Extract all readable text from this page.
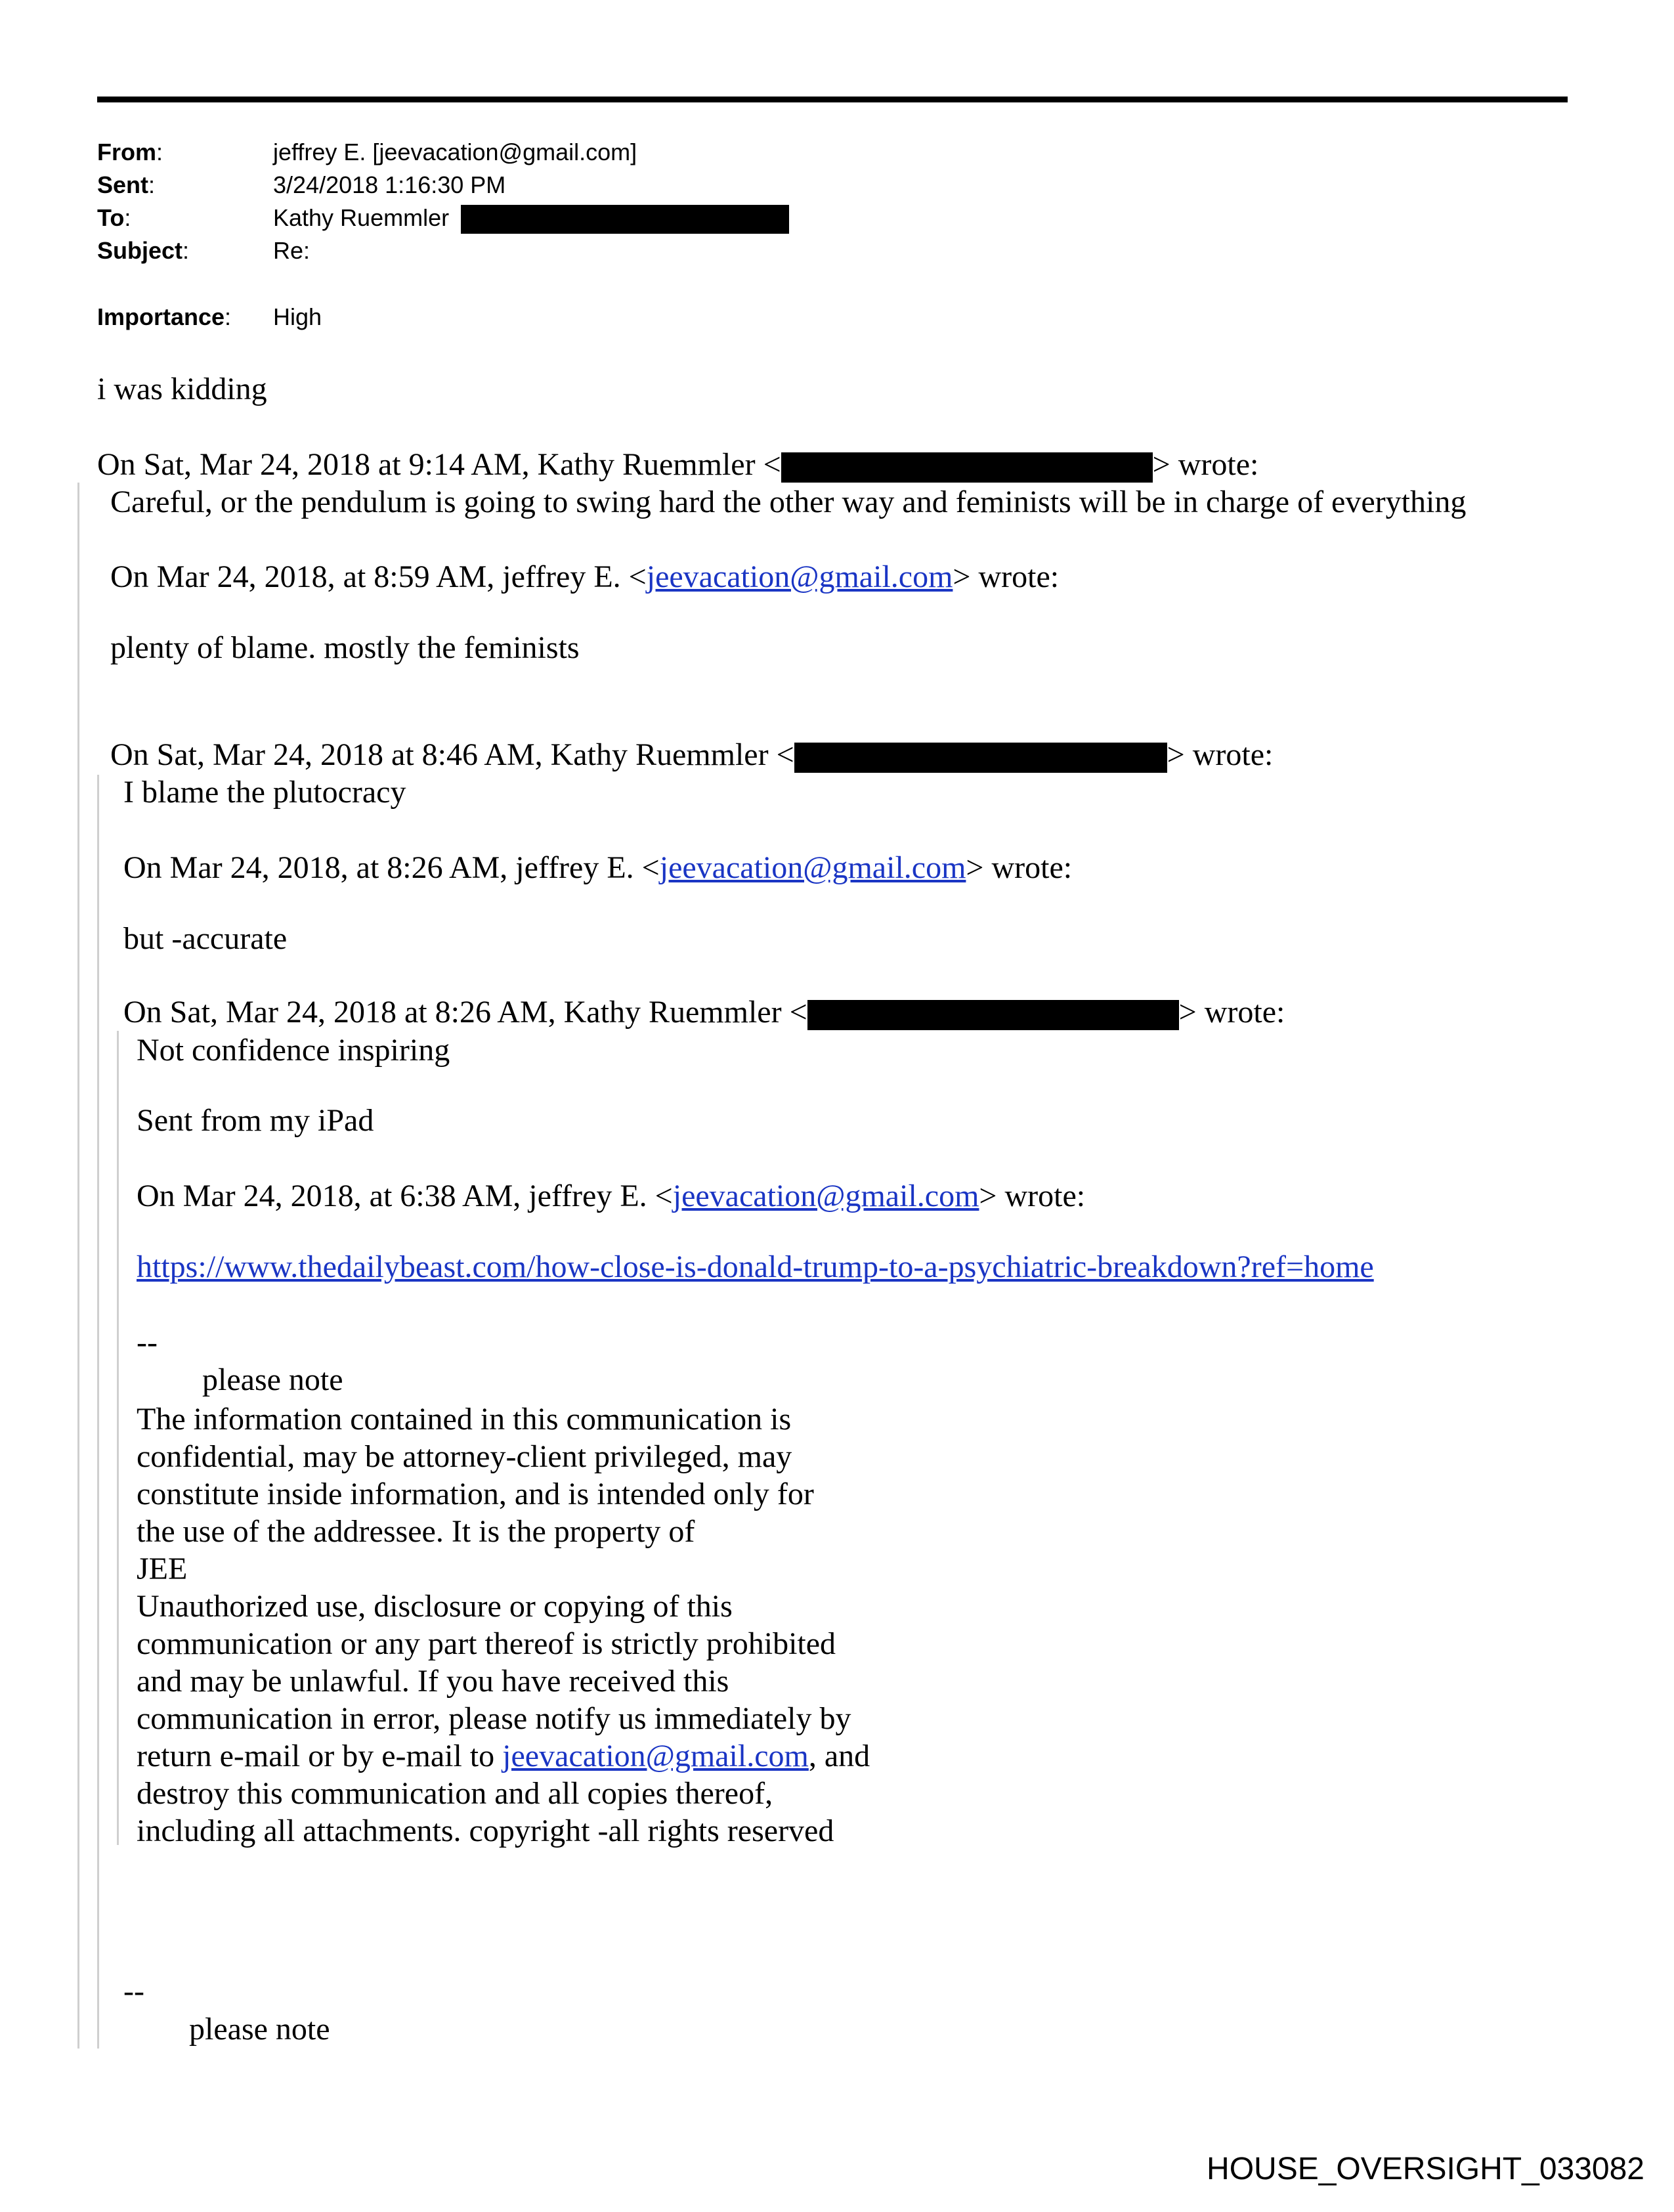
From:	jeffrey E. [jeevacation@gmail.com]
Sent:	3/24/2018 1:16:30 PM
To:	Kathy Ruemmler
Subject:	Re:
Importance: High
i was kidding
On Sat, Mar 24, 2018 at 9:14 AM, Kathy Ruemmler <	> wrote:
Careful, or the pendulum is going to swing hard the other way and feminists will be in charge of everything
On Mar 24, 2018, at 8:59 AM, jeffrey E. <jeevacation@gmail.com> wrote:
plenty of blame. mostly the feminists
On Sat, Mar 24, 2018 at 8:46 AM, Kathy Ruemmler <	> wrote:
I blame the plutocracy
On Mar 24, 2018, at 8:26 AM, jeffrey E. <jeevacation@gmail.com> wrote:
but -accurate
On Sat, Mar 24, 2018 at 8:26 AM, Kathy Ruemmler <	> wrote:
Not confidence inspiring
Sent from my iPad
On Mar 24, 2018, at 6:38 AM, jeffrey E. <jeevacation@gmail.com> wrote:
https://www.thedailybeast.com/how-close-is-donald-trump-to-a-psychiatric-breakdown?ref=home
--
please note
The information contained in this communication is
confidential, may be attorney-client privileged, may
constitute inside information, and is intended only for
the use of the addressee. It is the property of
JEE
Unauthorized use, disclosure or copying of this
communication or any part thereof is strictly prohibited
and may be unlawful. If you have received this
communication in error, please notify us immediately by
return e-mail or by e-mail to jeevacation@gmail.com, and
destroy this communication and all copies thereof,
including all attachments. copyright -all rights reserved
--
please note
HOUSE_OVERSIGHT_033082
